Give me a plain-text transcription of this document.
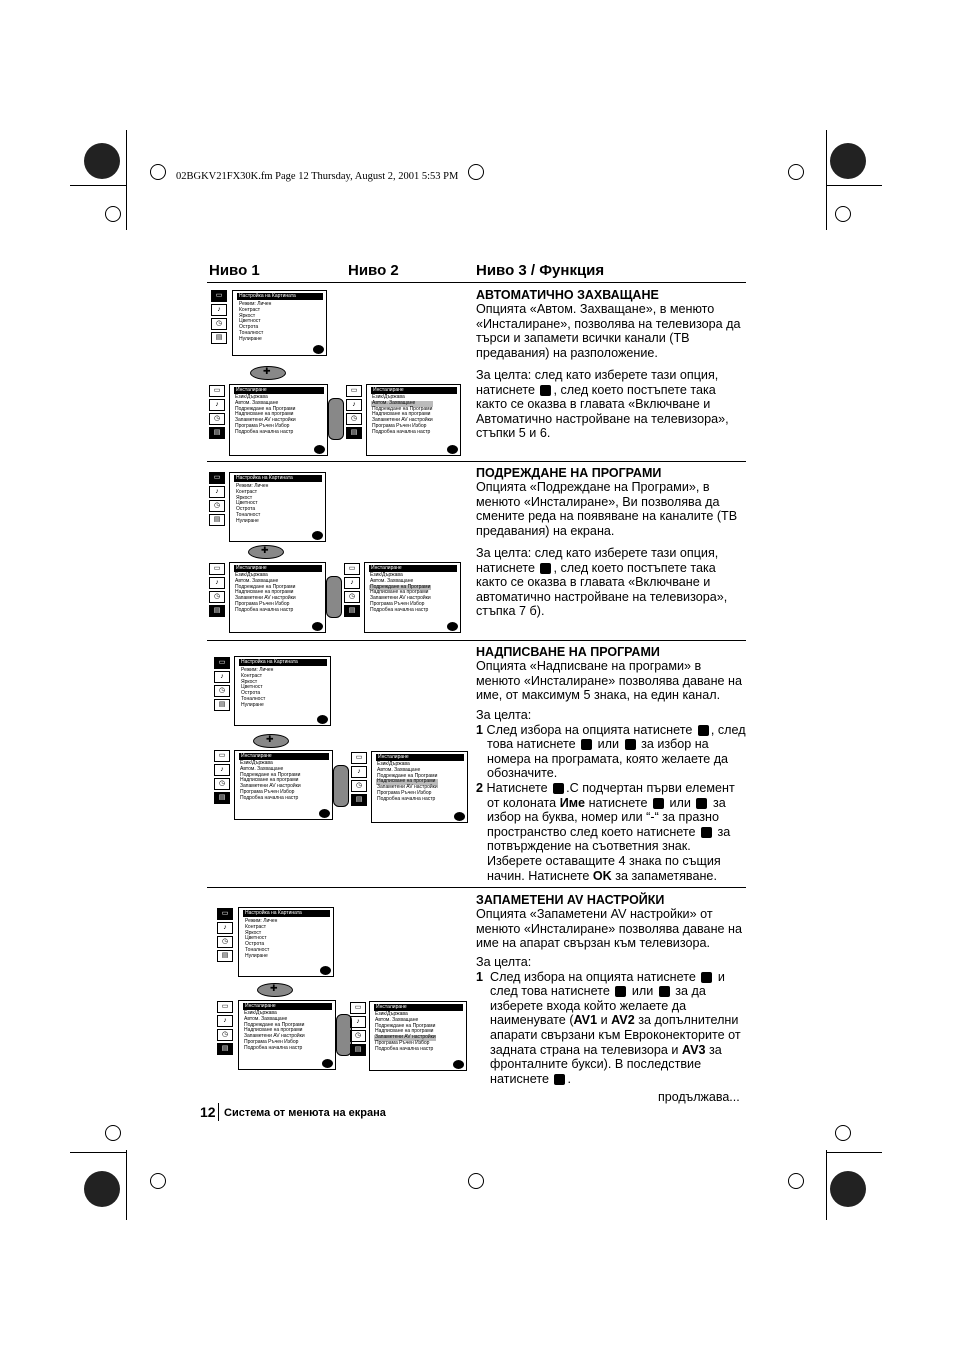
02BGKV21FX30K.fm Page 12 Thursday, August 2, 2001 5:53 PM
Ниво 1	Ниво 2	Ниво 3 / Функция
▭
♪
◷
▤
Настройка на Картината
Режим: Личен
Контраст
Яркост
Цветност
Острота
Тоналност
Нулиране
✚
▭
♪
◷
▤
Инсталиране
Език/Държава
Автом. Захващане
Подреждане на Програми
Надписване на програми
Запаметени AV настройки
Програма Ръчен Избор
Подробна начална настр
▭
♪
◷
▤
Инсталиране
Език/Държава
Автом. Захващане
Подреждане на Програми
Надписване на програми
Запаметени AV настройки
Програма Ръчен Избор
Подробна начална настр
АВТОМАТИЧНО ЗАХВАЩАНЕ
Опцията «Автом. Захващане», в менюто «Инсталиране», позволява на телевизора да търси и запамети всички канали (ТВ предавания) на разположение.
За целта: след като изберете тази опция, натиснете , след което постъпете така както се оказва в главата «Включване и Автоматично настройване на телевизора», стъпки 5 и 6.
▭
♪
◷
▤
Настройка на Картината
Режим: Личен
Контраст
Яркост
Цветност
Острота
Тоналност
Нулиране
✚
▭
♪
◷
▤
Инсталиране
Език/Държава
Автом. Захващане
Подреждане на Програми
Надписване на програми
Запаметени AV настройки
Програма Ръчен Избор
Подробна начална настр
▭
♪
◷
▤
Инсталиране
Език/Държава
Автом. Захващане
Подреждане на Програми
Надписване на програми
Запаметени AV настройки
Програма Ръчен Избор
Подробна начална настр
ПОДРЕЖДАНЕ НА ПРОГРАМИ
Опцията «Подреждане на Програми», в менюто «Инсталиране», Ви позволява да смените реда на появяване на каналите (ТВ предавания) на екрана.
За целта: след като изберете тази опция, натиснете , след което постъпете така както се оказва в главата «Включване и автоматично настройване на телевизора», стъпка 7 б).
▭
♪
◷
▤
Настройка на Картината
Режим: Личен
Контраст
Яркост
Цветност
Острота
Тоналност
Нулиране
✚
▭
♪
◷
▤
Инсталиране
Език/Държава
Автом. Захващане
Подреждане на Програми
Надписване на програми
Запаметени AV настройки
Програма Ръчен Избор
Подробна начална настр
▭
♪
◷
▤
Инсталиране
Език/Държава
Автом. Захващане
Подреждане на Програми
Надписване на програми
Запаметени AV настройки
Програма Ръчен Избор
Подробна начална настр
НАДПИСВАНЕ НА ПРОГРАМИ
Опцията «Надписване на програми» в менюто «Инсталиране» позволява даване на име, от максимум 5 знака, на един канал.
За целта:
1 След избора на опцията натиснете , след това натиснете или за избор на номера на програмата, която желаете да обозначите.
2 Натиснете .С подчертан първи елемент от колоната Име натиснете или за избор на буква, номер или “-“ за празно пространство след което натиснете за потвърждение на съответния знак. Изберете оставащите 4 знака по същия начин. Натиснете OK за запаметяване.
▭
♪
◷
▤
Настройка на Картината
Режим: Личен
Контраст
Яркост
Цветност
Острота
Тоналност
Нулиране
✚
▭
♪
◷
▤
Инсталиране
Език/Държава
Автом. Захващане
Подреждане на Програми
Надписване на програми
Запаметени AV настройки
Програма Ръчен Избор
Подробна начална настр
▭
♪
◷
▤
Инсталиране
Език/Държава
Автом. Захващане
Подреждане на Програми
Надписване на програми
Запаметени AV настройки
Програма Ръчен Избор
Подробна начална настр
ЗАПАМЕТЕНИ AV НАСТРОЙКИ
Опцията «Запаметени AV настройки» от менюто «Инсталиране» позволява даване на име на апарат свързан към телевизора.
За целта:
1 След избора на опцията натиснете и след това натиснете или за да изберете входа който желаете да наименувате (AV1 и AV2 за допълнителни апарати свързани към Евроконекторите от задната страна на телевизора и AV3 за фронталните букси). В последствие натиснете .
продължава...
12 Система от менюта на екрана
